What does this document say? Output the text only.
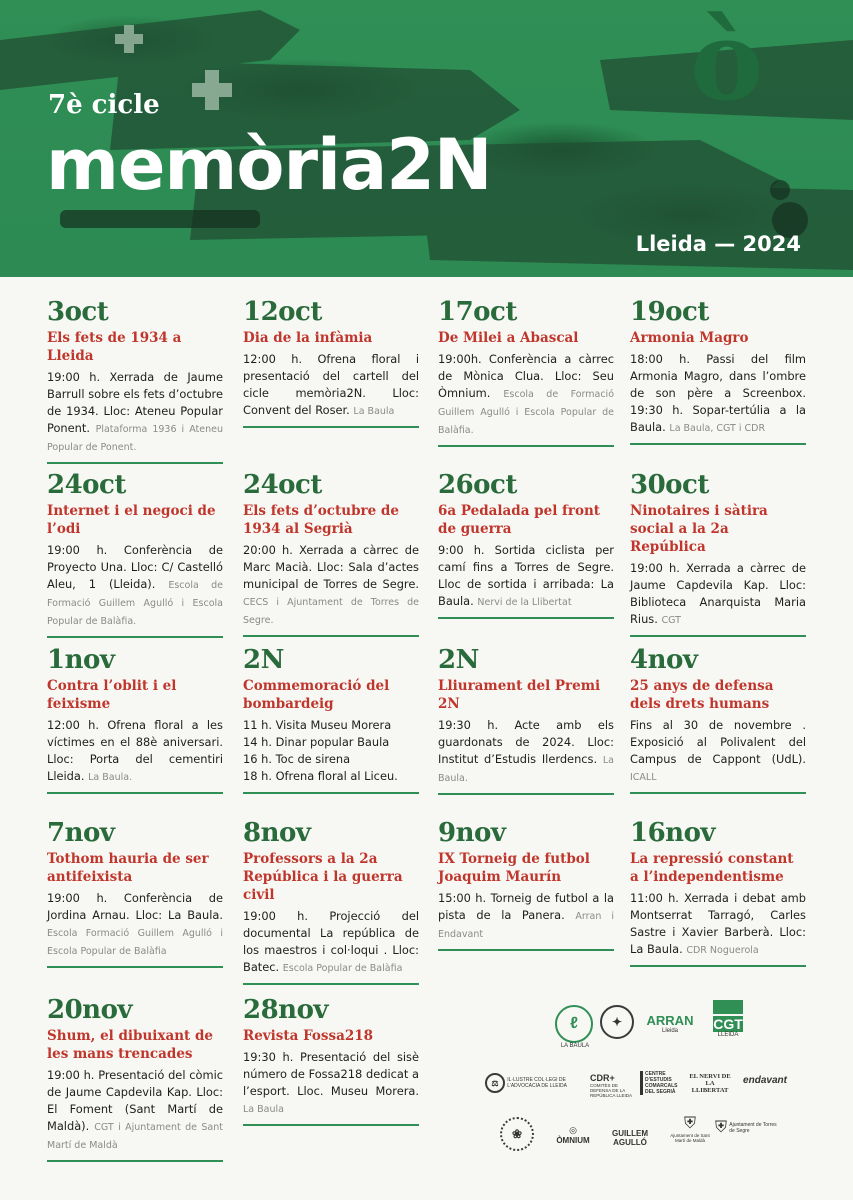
ò
7è cicle
memòria2N
Lleida — 2024
3oct
Els fets de 1934 a Lleida
19:00 h. Xerrada de Jaume Barrull sobre els fets d’octubre de 1934. Lloc: Ateneu Popular Ponent. Plataforma 1936 i Ateneu Popular de Ponent.
12oct
Dia de la infàmia
12:00 h. Ofrena floral i presentació del cartell del cicle memòria2N. Lloc: Convent del Roser. La Baula
17oct
De Milei a Abascal
19:00h. Conferència a càrrec de Mònica Clua. Lloc: Seu Òmnium. Escola de Formació Guillem Agulló i Escola Popular de Balàfia.
19oct
Armonia Magro
18:00 h. Passi del film Armonia Magro, dans l’ombre de son père a Screenbox. 19:30 h. Sopar-tertúlia a la Baula. La Baula, CGT i CDR
24oct
Internet i el negoci de l’odi
19:00 h. Conferència de Proyecto Una. Lloc: C/ Castelló Aleu, 1 (Lleida). Escola de Formació Guillem Agulló i Escola Popular de Balàfia.
24oct
Els fets d’octubre de 1934 al Segrià
20:00 h. Xerrada a càrrec de Marc Macià. Lloc: Sala d’actes municipal de Torres de Segre. CECS i Ajuntament de Torres de Segre.
26oct
6a Pedalada pel front de guerra
9:00 h. Sortida ciclista per camí fins a Torres de Segre. Lloc de sortida i arribada: La Baula. Nervi de la Llibertat
30oct
Ninotaires i sàtira social a la 2a República
19:00 h. Xerrada a càrrec de Jaume Capdevila Kap. Lloc: Biblioteca Anarquista Maria Rius. CGT
1nov
Contra l’oblit i el feixisme
12:00 h. Ofrena floral a les víctimes en el 88è aniversari. Lloc: Porta del cementiri Lleida. La Baula.
2N
Commemoració del bombardeig
11 h. Visita Museu Morera
14 h. Dinar popular Baula
16 h. Toc de sirena
18 h. Ofrena floral al Liceu.
2N
Lliurament del Premi 2N
19:30 h. Acte amb els guardonats de 2024. Lloc: Institut d’Estudis Ilerdencs. La Baula.
4nov
25 anys de defensa dels drets humans
Fins al 30 de novembre . Exposició al Polivalent del Campus de Cappont (UdL). ICALL
7nov
Tothom hauria de ser antifeixista
19:00 h. Conferència de Jordina Arnau. Lloc: La Baula. Escola Formació Guillem Agulló i Escola Popular de Balàfia
8nov
Professors a la 2a República i la guerra civil
19:00 h. Projecció del documental La república de los maestros i col·loqui . Lloc: Batec. Escola Popular de Balàfia
9nov
IX Torneig de futbol Joaquim Maurín
15:00 h. Torneig de futbol a la pista de la Panera. Arran i Endavant
16nov
La repressió constant a l’independentisme
11:00 h. Xerrada i debat amb Montserrat Tarragó, Carles Sastre i Xavier Barberà. Lloc: La Baula. CDR Noguerola
20nov
Shum, el dibuixant de les mans trencades
19:00 h. Presentació del còmic de Jaume Capdevila Kap. Lloc: El Foment (Sant Martí de Maldà). CGT i Ajuntament de Sant Martí de Maldà
28nov
Revista Fossa218
19:30 h. Presentació del sisè número de Fossa218 dedicat a l’esport. Lloc. Museu Morera. La Baula
ℓ
LA BAULA
✦	ARRAN
Lleida	CGT
LLEIDA
⚖ IL·LUSTRE COL·LEGI DE L’ADVOCACIA DE LLEIDA
CDR+
COMITÈS DE DEFENSA DE LA REPÚBLICA LLEIDA
CENTRE D’ESTUDIS COMARCALS DEL SEGRIÀ
EL NERVI DE LA LLIBERTAT
endavant
❀	◎
ÒMNIUM
GUILLEM AGULLÓ
⛨
Ajuntament de Sant Martí de Maldà
⛨ Ajuntament de Torres de Segre
